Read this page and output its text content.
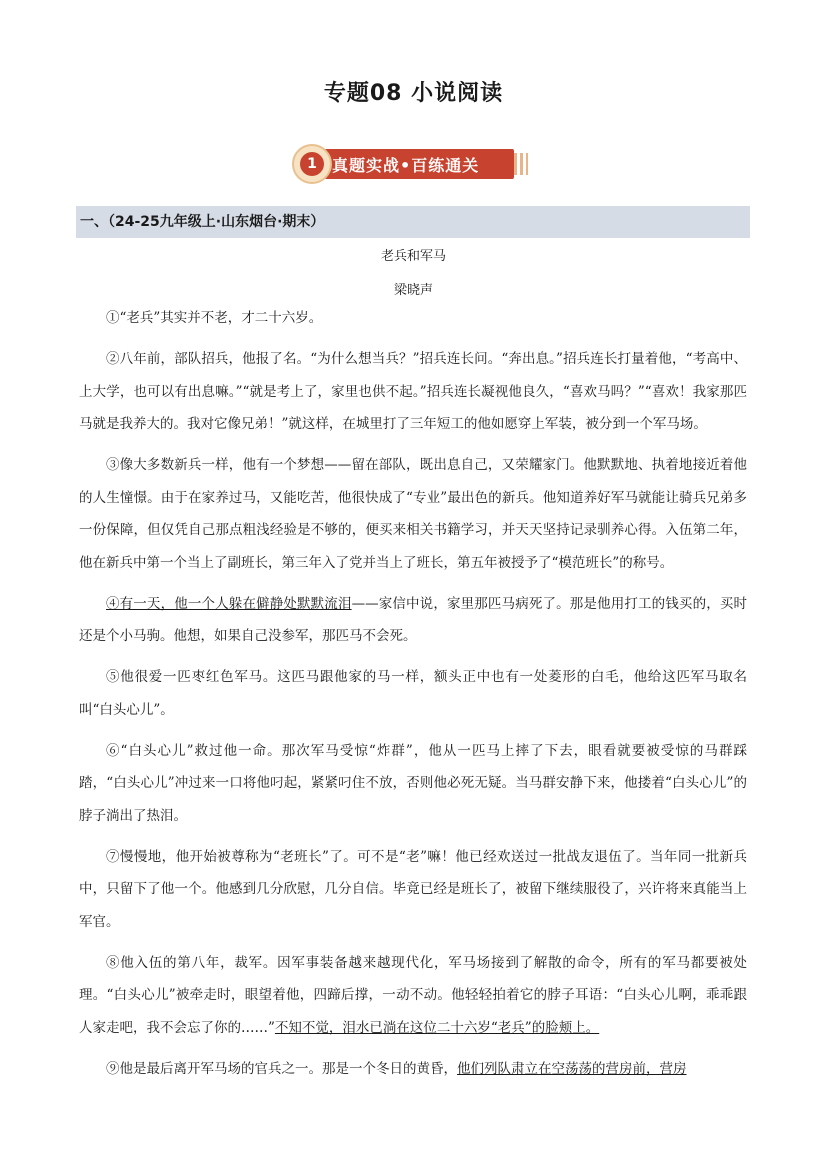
专题08 小说阅读
1 真题实战•百练通关
一、（24-25九年级上·山东烟台·期末）
老兵和军马
梁晓声

①“老兵”其实并不老，才二十六岁。

②八年前，部队招兵，他报了名。“为什么想当兵？”招兵连长问。“奔出息。”招兵连长打量着他，“考高中、上大学，也可以有出息嘛。”“就是考上了，家里也供不起。”招兵连长凝视他良久，“喜欢马吗？”“喜欢！我家那匹马就是我养大的。我对它像兄弟！”就这样，在城里打了三年短工的他如愿穿上军装，被分到一个军马场。

③像大多数新兵一样，他有一个梦想——留在部队，既出息自己，又荣耀家门。他默默地、执着地接近着他的人生憧憬。由于在家养过马，又能吃苦，他很快成了“专业”最出色的新兵。他知道养好军马就能让骑兵兄弟多一份保障，但仅凭自己那点粗浅经验是不够的，便买来相关书籍学习，并天天坚持记录驯养心得。入伍第二年，他在新兵中第一个当上了副班长，第三年入了党并当上了班长，第五年被授予了“模范班长”的称号。

④有一天，他一个人躲在僻静处默默流泪——家信中说，家里那匹马病死了。那是他用打工的钱买的，买时还是个小马驹。他想，如果自己没参军，那匹马不会死。

⑤他很爱一匹枣红色军马。这匹马跟他家的马一样，额头正中也有一处菱形的白毛，他给这匹军马取名叫“白头心儿”。

⑥“白头心儿”救过他一命。那次军马受惊“炸群”，他从一匹马上摔了下去，眼看就要被受惊的马群踩踏，“白头心儿”冲过来一口将他叼起，紧紧叼住不放，否则他必死无疑。当马群安静下来，他搂着“白头心儿”的脖子淌出了热泪。

⑦慢慢地，他开始被尊称为“老班长”了。可不是“老”嘛！他已经欢送过一批战友退伍了。当年同一批新兵中，只留下了他一个。他感到几分欣慰，几分自信。毕竟已经是班长了，被留下继续服役了，兴许将来真能当上军官。

⑧他入伍的第八年，裁军。因军事装备越来越现代化，军马场接到了解散的命令，所有的军马都要被处理。“白头心儿”被牵走时，眼望着他，四蹄后撑，一动不动。他轻轻拍着它的脖子耳语：“白头心儿啊，乖乖跟人家走吧，我不会忘了你的……”不知不觉，泪水已淌在这位二十六岁“老兵”的脸颊上。

⑨他是最后离开军马场的官兵之一。那是一个冬日的黄昏，他们列队肃立在空荡荡的营房前，营房
